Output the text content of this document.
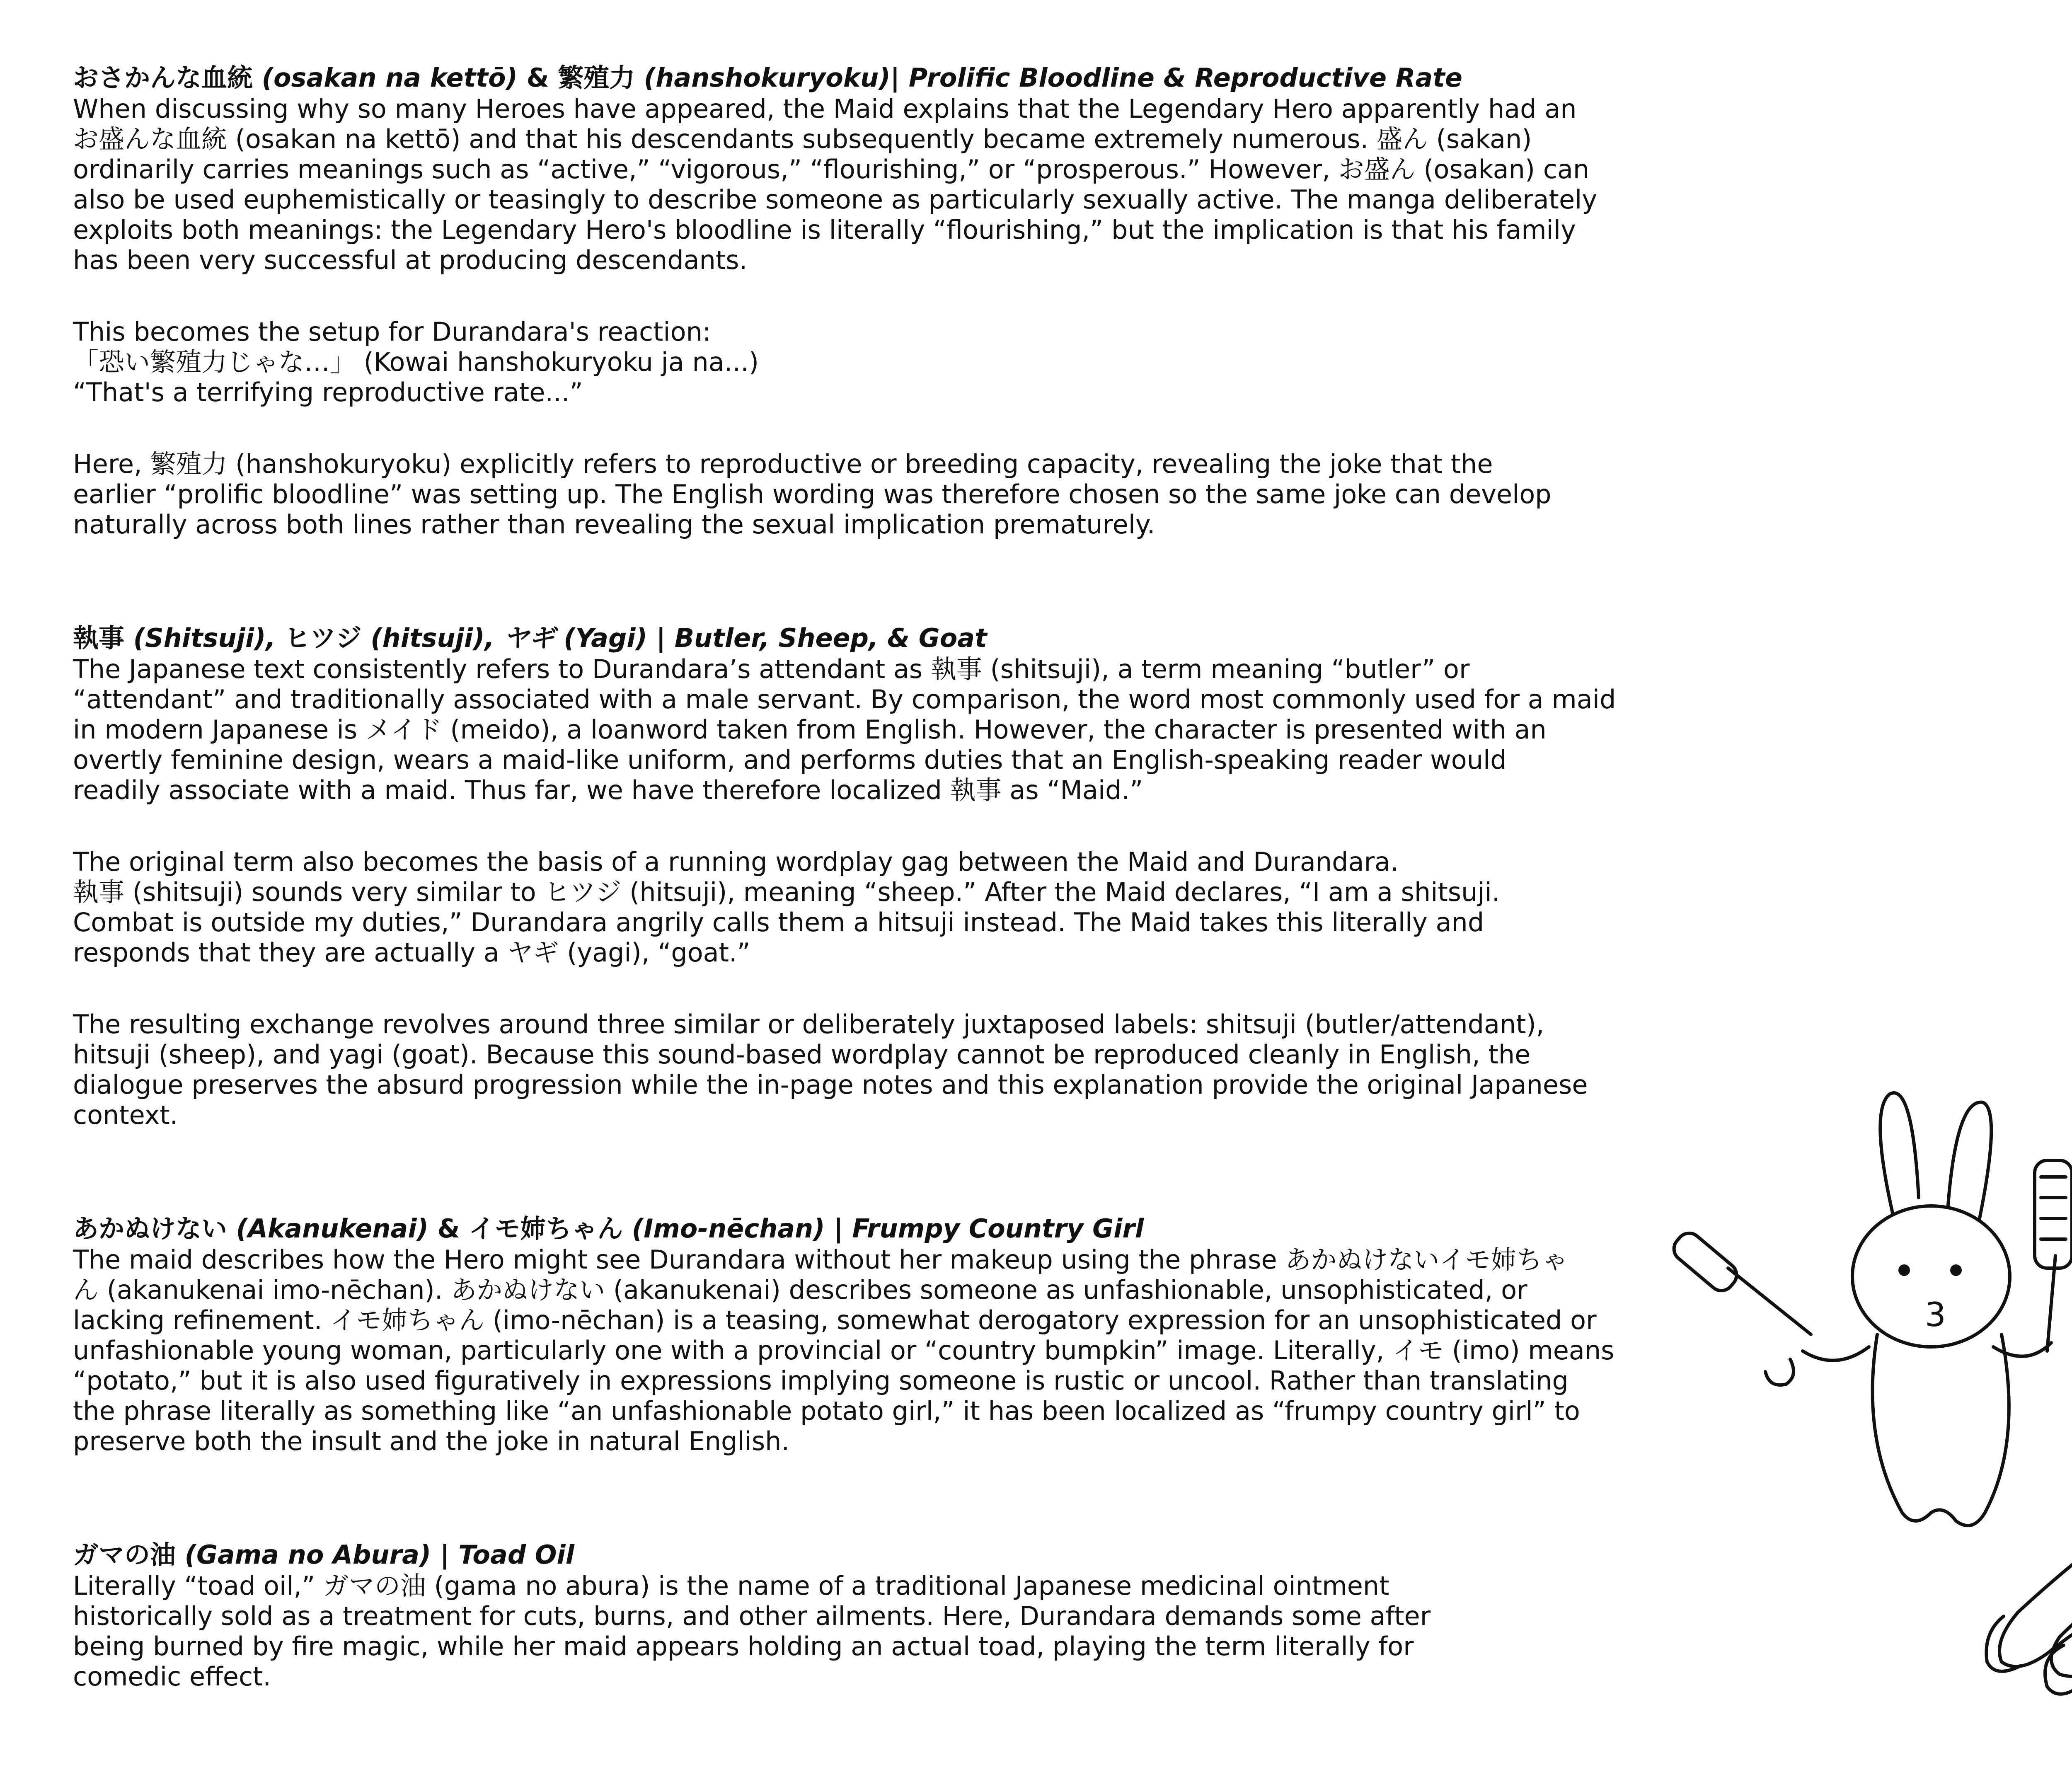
おさかんな血統 (osakan na kettō) & 繁殖力 (hanshokuryoku)| Prolific Bloodline & Reproductive Rate

When discussing why so many Heroes have appeared, the Maid explains that the Legendary Hero apparently had an
お盛んな血統 (osakan na kettō) and that his descendants subsequently became extremely numerous. 盛ん (sakan)
ordinarily carries meanings such as “active,” “vigorous,” “flourishing,” or “prosperous.” However, お盛ん (osakan) can
also be used euphemistically or teasingly to describe someone as particularly sexually active. The manga deliberately
exploits both meanings: the Legendary Hero's bloodline is literally “flourishing,” but the implication is that his family
has been very successful at producing descendants.

This becomes the setup for Durandara's reaction:
「恐い繁殖力じゃな…」 (Kowai hanshokuryoku ja na...)
“That's a terrifying reproductive rate...”

Here, 繁殖力 (hanshokuryoku) explicitly refers to reproductive or breeding capacity, revealing the joke that the
earlier “prolific bloodline” was setting up. The English wording was therefore chosen so the same joke can develop
naturally across both lines rather than revealing the sexual implication prematurely.

執事 (Shitsuji), ヒツジ (hitsuji), ヤギ (Yagi) | Butler, Sheep, & Goat

The Japanese text consistently refers to Durandara’s attendant as 執事 (shitsuji), a term meaning “butler” or
“attendant” and traditionally associated with a male servant. By comparison, the word most commonly used for a maid
in modern Japanese is メイド (meido), a loanword taken from English. However, the character is presented with an
overtly feminine design, wears a maid-like uniform, and performs duties that an English-speaking reader would
readily associate with a maid. Thus far, we have therefore localized 執事 as “Maid.”

The original term also becomes the basis of a running wordplay gag between the Maid and Durandara.
執事 (shitsuji) sounds very similar to ヒツジ (hitsuji), meaning “sheep.” After the Maid declares, “I am a shitsuji.
Combat is outside my duties,” Durandara angrily calls them a hitsuji instead. The Maid takes this literally and
responds that they are actually a ヤギ (yagi), “goat.”

The resulting exchange revolves around three similar or deliberately juxtaposed labels: shitsuji (butler/attendant),
hitsuji (sheep), and yagi (goat). Because this sound-based wordplay cannot be reproduced cleanly in English, the
dialogue preserves the absurd progression while the in-page notes and this explanation provide the original Japanese
context.

あかぬけない (Akanukenai) & イモ姉ちゃん (Imo-nēchan) | Frumpy Country Girl

The maid describes how the Hero might see Durandara without her makeup using the phrase あかぬけないイモ姉ちゃ
ん (akanukenai imo-nēchan). あかぬけない (akanukenai) describes someone as unfashionable, unsophisticated, or
lacking refinement. イモ姉ちゃん (imo-nēchan) is a teasing, somewhat derogatory expression for an unsophisticated or
unfashionable young woman, particularly one with a provincial or “country bumpkin” image. Literally, イモ (imo) means
“potato,” but it is also used figuratively in expressions implying someone is rustic or uncool. Rather than translating
the phrase literally as something like “an unfashionable potato girl,” it has been localized as “frumpy country girl” to
preserve both the insult and the joke in natural English.

ガマの油 (Gama no Abura) | Toad Oil

Literally “toad oil,” ガマの油 (gama no abura) is the name of a traditional Japanese medicinal ointment
historically sold as a treatment for cuts, burns, and other ailments. Here, Durandara demands some after
being burned by fire magic, while her maid appears holding an actual toad, playing the term literally for
comedic effect.

3
